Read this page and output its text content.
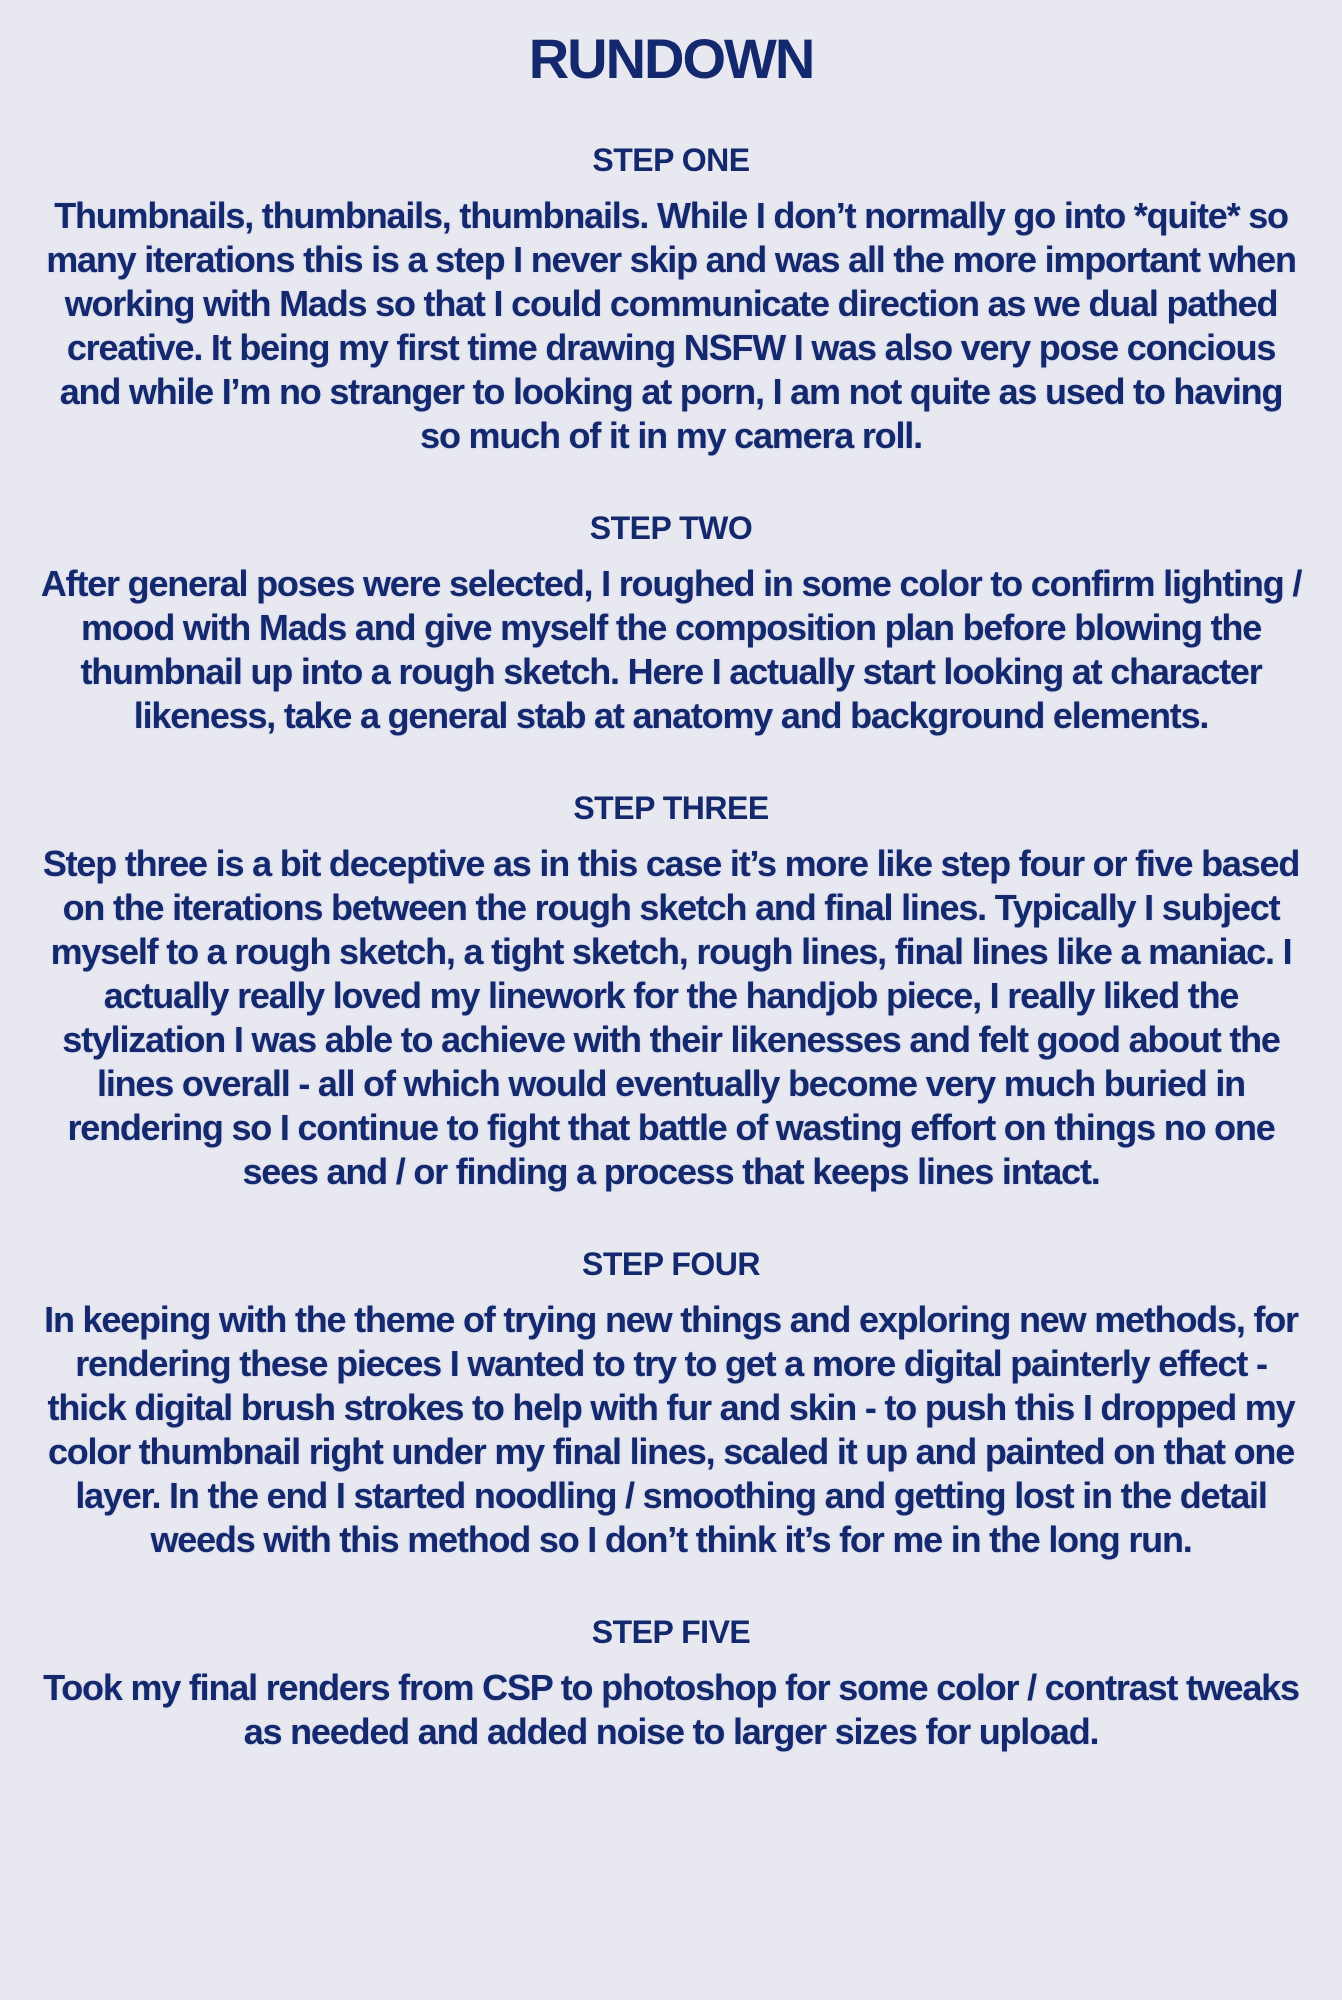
RUNDOWN
STEP ONE

Thumbnails, thumbnails, thumbnails. While I don’t normally go into *quite* so many iterations this is a step I never skip and was all the more important when working with Mads so that I could communicate direction as we dual pathed creative. It being my first time drawing NSFW I was also very pose concious and while I’m no stranger to looking at porn, I am not quite as used to having so much of it in my camera roll.

STEP TWO

After general poses were selected, I roughed in some color to confirm lighting / mood with Mads and give myself the composition plan before blowing the thumbnail up into a rough sketch. Here I actually start looking at character likeness, take a general stab at anatomy and background elements.

STEP THREE

Step three is a bit deceptive as in this case it’s more like step four or five based on the iterations between the rough sketch and final lines. Typically I subject myself to a rough sketch, a tight sketch, rough lines, final lines like a maniac. I actually really loved my linework for the handjob piece, I really liked the stylization I was able to achieve with their likenesses and felt good about the lines overall - all of which would eventually become very much buried in rendering so I continue to fight that battle of wasting effort on things no one sees and / or finding a process that keeps lines intact.

STEP FOUR

In keeping with the theme of trying new things and exploring new methods, for rendering these pieces I wanted to try to get a more digital painterly effect - thick digital brush strokes to help with fur and skin - to push this I dropped my color thumbnail right under my final lines, scaled it up and painted on that one layer. In the end I started noodling / smoothing and getting lost in the detail weeds with this method so I don’t think it’s for me in the long run.

STEP FIVE

Took my final renders from CSP to photoshop for some color / contrast tweaks as needed and added noise to larger sizes for upload.
